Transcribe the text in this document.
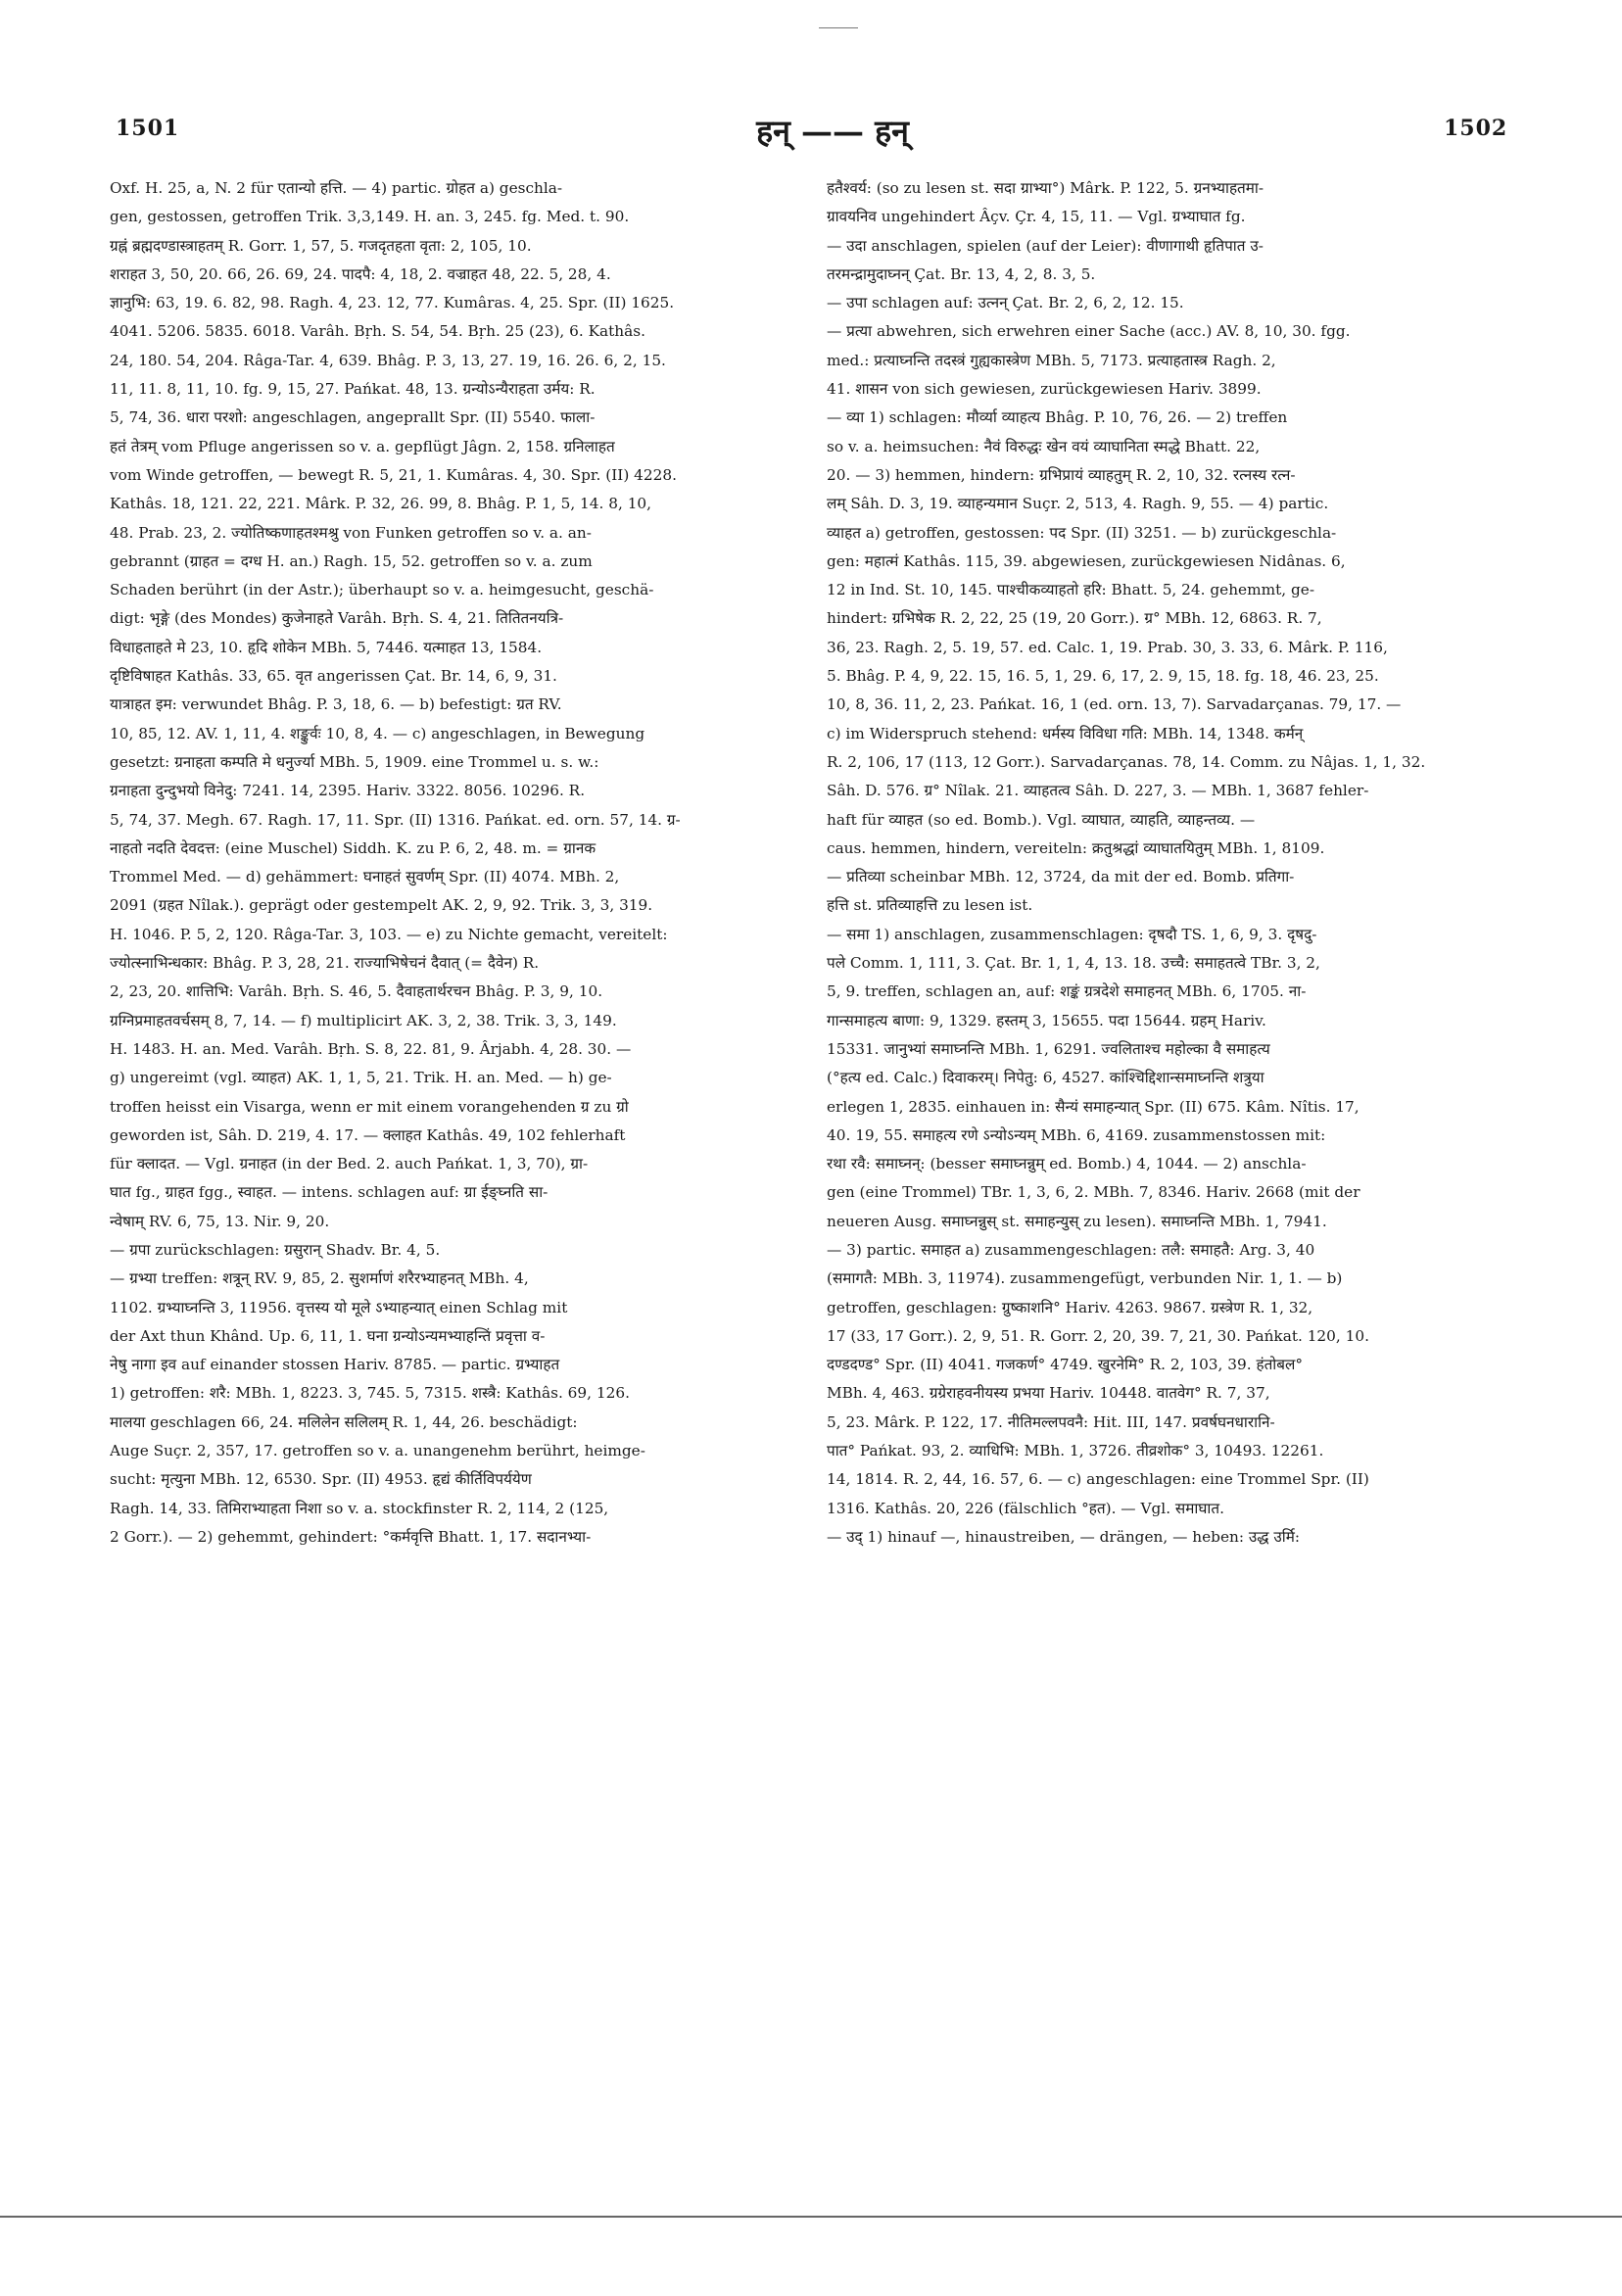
1501	हन् —— हन्	1502
Oxf. H. 25, a, N. 2 für एतान्यो हत्ति. — 4) partic. ग्रोहत a) geschla-
gen, gestossen, getroffen Trik. 3,3,149. H. an. 3, 245. fg. Med. t. 90.
ग्रह्नं ब्रह्मदण्डास्त्राहतम् R. Gorr. 1, 57, 5. गजदृतहता वृता: 2, 105, 10.
शराहत 3, 50, 20. 66, 26. 69, 24. पादपै: 4, 18, 2. वज्राहत 48, 22. 5, 28, 4.
ज्ञानुभि: 63, 19. 6. 82, 98. Ragh. 4, 23. 12, 77. Kumâras. 4, 25. Spr. (II) 1625.
4041. 5206. 5835. 6018. Varâh. Bṛh. S. 54, 54. Bṛh. 25 (23), 6. Kathâs.
24, 180. 54, 204. Râga-Tar. 4, 639. Bhâg. P. 3, 13, 27. 19, 16. 26. 6, 2, 15.
11, 11. 8, 11, 10. fg. 9, 15, 27. Pańkat. 48, 13. ग्रन्योऽन्यैराहता उर्मय: R.
5, 74, 36. धारा परशो: angeschlagen, angeprallt Spr. (II) 5540. फाला-
हतं तेत्रम् vom Pfluge angerissen so v. a. gepflügt Jâgn. 2, 158. ग्रनिलाहत
vom Winde getroffen, — bewegt R. 5, 21, 1. Kumâras. 4, 30. Spr. (II) 4228.
Kathâs. 18, 121. 22, 221. Mârk. P. 32, 26. 99, 8. Bhâg. P. 1, 5, 14. 8, 10,
48. Prab. 23, 2. ज्योतिष्कणाहतश्मश्रु von Funken getroffen so v. a. an-
gebrannt (ग्राहत = दग्ध H. an.) Ragh. 15, 52. getroffen so v. a. zum
Schaden berührt (in der Astr.); überhaupt so v. a. heimgesucht, geschä-
digt: भृङ्गे (des Mondes) कुजेनाहते Varâh. Bṛh. S. 4, 21. तितितनयत्रि-
विधाहताहते मे 23, 10. हृदि शोकेन MBh. 5, 7446. यत्माहत 13, 1584.
दृष्टिविषाहत Kathâs. 33, 65. वृत angerissen Çat. Br. 14, 6, 9, 31.
यात्राहत इम: verwundet Bhâg. P. 3, 18, 6. — b) befestigt: ग्रत RV.
10, 85, 12. AV. 1, 11, 4. शङ्कुर्वः 10, 8, 4. — c) angeschlagen, in Bewegung
gesetzt: ग्रनाहता कम्पति मे धनुर्ज्या MBh. 5, 1909. eine Trommel u. s. w.:
ग्रनाहता दुन्दुभयो विनेदु: 7241. 14, 2395. Hariv. 3322. 8056. 10296. R.
5, 74, 37. Megh. 67. Ragh. 17, 11. Spr. (II) 1316. Pańkat. ed. orn. 57, 14. ग्र-
नाहतो नदति देवदत्त: (eine Muschel) Siddh. K. zu P. 6, 2, 48. m. = ग्रानक
Trommel Med. — d) gehämmert: घनाहतं सुवर्णम् Spr. (II) 4074. MBh. 2,
2091 (ग्रहत Nîlak.). geprägt oder gestempelt AK. 2, 9, 92. Trik. 3, 3, 319.
H. 1046. P. 5, 2, 120. Râga-Tar. 3, 103. — e) zu Nichte gemacht, vereitelt:
ज्योत्स्नाभिन्धकार: Bhâg. P. 3, 28, 21. राज्याभिषेचनं दैवात् (= दैवेन) R.
2, 23, 20. शात्तिभि: Varâh. Bṛh. S. 46, 5. दैवाहतार्थरचन Bhâg. P. 3, 9, 10.
ग्रग्निप्रमाहतवर्चसम् 8, 7, 14. — f) multiplicirt AK. 3, 2, 38. Trik. 3, 3, 149.
H. 1483. H. an. Med. Varâh. Bṛh. S. 8, 22. 81, 9. Ârjabh. 4, 28. 30. —
g) ungereimt (vgl. व्याहत) AK. 1, 1, 5, 21. Trik. H. an. Med. — h) ge-
troffen heisst ein Visarga, wenn er mit einem vorangehenden ग्र zu ग्रो
geworden ist, Sâh. D. 219, 4. 17. — क्लाहत Kathâs. 49, 102 fehlerhaft
für क्लादत. — Vgl. ग्रनाहत (in der Bed. 2. auch Pańkat. 1, 3, 70), ग्रा-
घात fg., ग्राहत fgg., स्वाहत. — intens. schlagen auf: ग्रा ईङ्घ्नति सा-
न्वेषाम् RV. 6, 75, 13. Nir. 9, 20.
— ग्रपा zurückschlagen: ग्रसुरान् Shadv. Br. 4, 5.
— ग्रभ्या treffen: शत्रून् RV. 9, 85, 2. सुशर्माणं शरैरभ्याहनत् MBh. 4,
1102. ग्रभ्याघ्नन्ति 3, 11956. वृत्तस्य यो मूले ऽभ्याहन्यात् einen Schlag mit
der Axt thun Khând. Up. 6, 11, 1. घना ग्रन्योऽन्यमभ्याहन्तिं प्रवृत्ता व-
नेषु नागा इव auf einander stossen Hariv. 8785. — partic. ग्रभ्याहत
1) getroffen: शरै: MBh. 1, 8223. 3, 745. 5, 7315. शस्त्रै: Kathâs. 69, 126.
मालया geschlagen 66, 24. मलिलेन सलिलम् R. 1, 44, 26. beschädigt:
Auge Suçr. 2, 357, 17. getroffen so v. a. unangenehm berührt, heimge-
sucht: मृत्युना MBh. 12, 6530. Spr. (II) 4953. हृद्यं कीर्तिविपर्ययेण
Ragh. 14, 33. तिमिराभ्याहता निशा so v. a. stockfinster R. 2, 114, 2 (125,
2 Gorr.). — 2) gehemmt, gehindert: °कर्मवृत्ति Bhatt. 1, 17. सदानभ्या-
हतैश्वर्य: (so zu lesen st. सदा ग्राभ्या°) Mârk. P. 122, 5. ग्रनभ्याहतमा-
ग्रावयनिव ungehindert Âçv. Çr. 4, 15, 11. — Vgl. ग्रभ्याघात fg.
— उदा anschlagen, spielen (auf der Leier): वीणागाथी हृतिपात उ-
तरमन्द्रामुदाघ्नन् Çat. Br. 13, 4, 2, 8. 3, 5.
— उपा schlagen auf: उत्नन् Çat. Br. 2, 6, 2, 12. 15.
— प्रत्या abwehren, sich erwehren einer Sache (acc.) AV. 8, 10, 30. fgg.
med.: प्रत्याघ्नन्ति तदस्त्रं गुह्यकास्त्रेण MBh. 5, 7173. प्रत्याहतास्त्र Ragh. 2,
41. शासन von sich gewiesen, zurückgewiesen Hariv. 3899.
— व्या 1) schlagen: मौर्व्या व्याहत्य Bhâg. P. 10, 76, 26. — 2) treffen
so v. a. heimsuchen: नैवं विरुद्धः खेन वयं व्याघानिता स्मद्धे Bhatt. 22,
20. — 3) hemmen, hindern: ग्रभिप्रायं व्याहतुम् R. 2, 10, 32. रत्नस्य रत्न-
लम् Sâh. D. 3, 19. व्याहन्यमान Suçr. 2, 513, 4. Ragh. 9, 55. — 4) partic.
व्याहत a) getroffen, gestossen: पद Spr. (II) 3251. — b) zurückgeschla-
gen: महात्मं Kathâs. 115, 39. abgewiesen, zurückgewiesen Nidânas. 6,
12 in Ind. St. 10, 145. पाश्चीकव्याहतो हरि: Bhatt. 5, 24. gehemmt, ge-
hindert: ग्रभिषेक R. 2, 22, 25 (19, 20 Gorr.). ग्र° MBh. 12, 6863. R. 7,
36, 23. Ragh. 2, 5. 19, 57. ed. Calc. 1, 19. Prab. 30, 3. 33, 6. Mârk. P. 116,
5. Bhâg. P. 4, 9, 22. 15, 16. 5, 1, 29. 6, 17, 2. 9, 15, 18. fg. 18, 46. 23, 25.
10, 8, 36. 11, 2, 23. Pańkat. 16, 1 (ed. orn. 13, 7). Sarvadarçanas. 79, 17. —
c) im Widerspruch stehend: धर्मस्य विविधा गति: MBh. 14, 1348. कर्मन्
R. 2, 106, 17 (113, 12 Gorr.). Sarvadarçanas. 78, 14. Comm. zu Nâjas. 1, 1, 32.
Sâh. D. 576. ग्र° Nîlak. 21. व्याहतत्व Sâh. D. 227, 3. — MBh. 1, 3687 fehler-
haft für व्याहत (so ed. Bomb.). Vgl. व्याघात, व्याहति, व्याहन्तव्य. —
caus. hemmen, hindern, vereiteln: क्रतुश्रद्धां व्याघातयितुम् MBh. 1, 8109.
— प्रतिव्या scheinbar MBh. 12, 3724, da mit der ed. Bomb. प्रतिगा-
हत्ति st. प्रतिव्याहत्ति zu lesen ist.
— समा 1) anschlagen, zusammenschlagen: दृषदौ TS. 1, 6, 9, 3. दृषदु-
पले Comm. 1, 111, 3. Çat. Br. 1, 1, 4, 13. 18. उच्चै: समाहतत्वे TBr. 3, 2,
5, 9. treffen, schlagen an, auf: शङ्कं ग्रत्रदेशे समाहनत् MBh. 6, 1705. ना-
गान्समाहत्य बाणा: 9, 1329. हस्तम् 3, 15655. पदा 15644. ग्रहम् Hariv.
15331. जानुभ्यां समाघ्नन्ति MBh. 1, 6291. ज्वलिताश्च महोल्का वै समाहत्य
(°हत्य ed. Calc.) दिवाकरम्। निपेतु: 6, 4527. कांश्चिद्दिशान्समाघ्नन्ति शत्रुया
erlegen 1, 2835. einhauen in: सैन्यं समाहन्यात् Spr. (II) 675. Kâm. Nîtis. 17,
40. 19, 55. समाहत्य रणे ऽन्योऽन्यम् MBh. 6, 4169. zusammenstossen mit:
रथा रवै: समाघ्नन्: (besser समाघ्नन्नुम् ed. Bomb.) 4, 1044. — 2) anschla-
gen (eine Trommel) TBr. 1, 3, 6, 2. MBh. 7, 8346. Hariv. 2668 (mit der
neueren Ausg. समाघ्नन्नुस् st. समाहन्युस् zu lesen). समाघ्नन्ति MBh. 1, 7941.
— 3) partic. समाहत a) zusammengeschlagen: तलै: समाहतै: Arg. 3, 40
(समागतै: MBh. 3, 11974). zusammengefügt, verbunden Nir. 1, 1. — b)
getroffen, geschlagen: ग्रुष्काशनि° Hariv. 4263. 9867. ग्रस्त्रेण R. 1, 32,
17 (33, 17 Gorr.). 2, 9, 51. R. Gorr. 2, 20, 39. 7, 21, 30. Pańkat. 120, 10.
दण्डदण्ड° Spr. (II) 4041. गजकर्ण° 4749. खुरनेमि° R. 2, 103, 39. हंतोबल°
MBh. 4, 463. ग्रग्रेराहवनीयस्य प्रभया Hariv. 10448. वातवेग° R. 7, 37,
5, 23. Mârk. P. 122, 17. नीतिमल्लपवनै: Hit. III, 147. प्रवर्षघनधारानि-
पात° Pańkat. 93, 2. व्याधिभि: MBh. 1, 3726. तीव्रशोक° 3, 10493. 12261.
14, 1814. R. 2, 44, 16. 57, 6. — c) angeschlagen: eine Trommel Spr. (II)
1316. Kathâs. 20, 226 (fälschlich °हत). — Vgl. समाघात.
— उद् 1) hinauf —, hinaustreiben, — drängen, — heben: उद्ध उर्मि:
